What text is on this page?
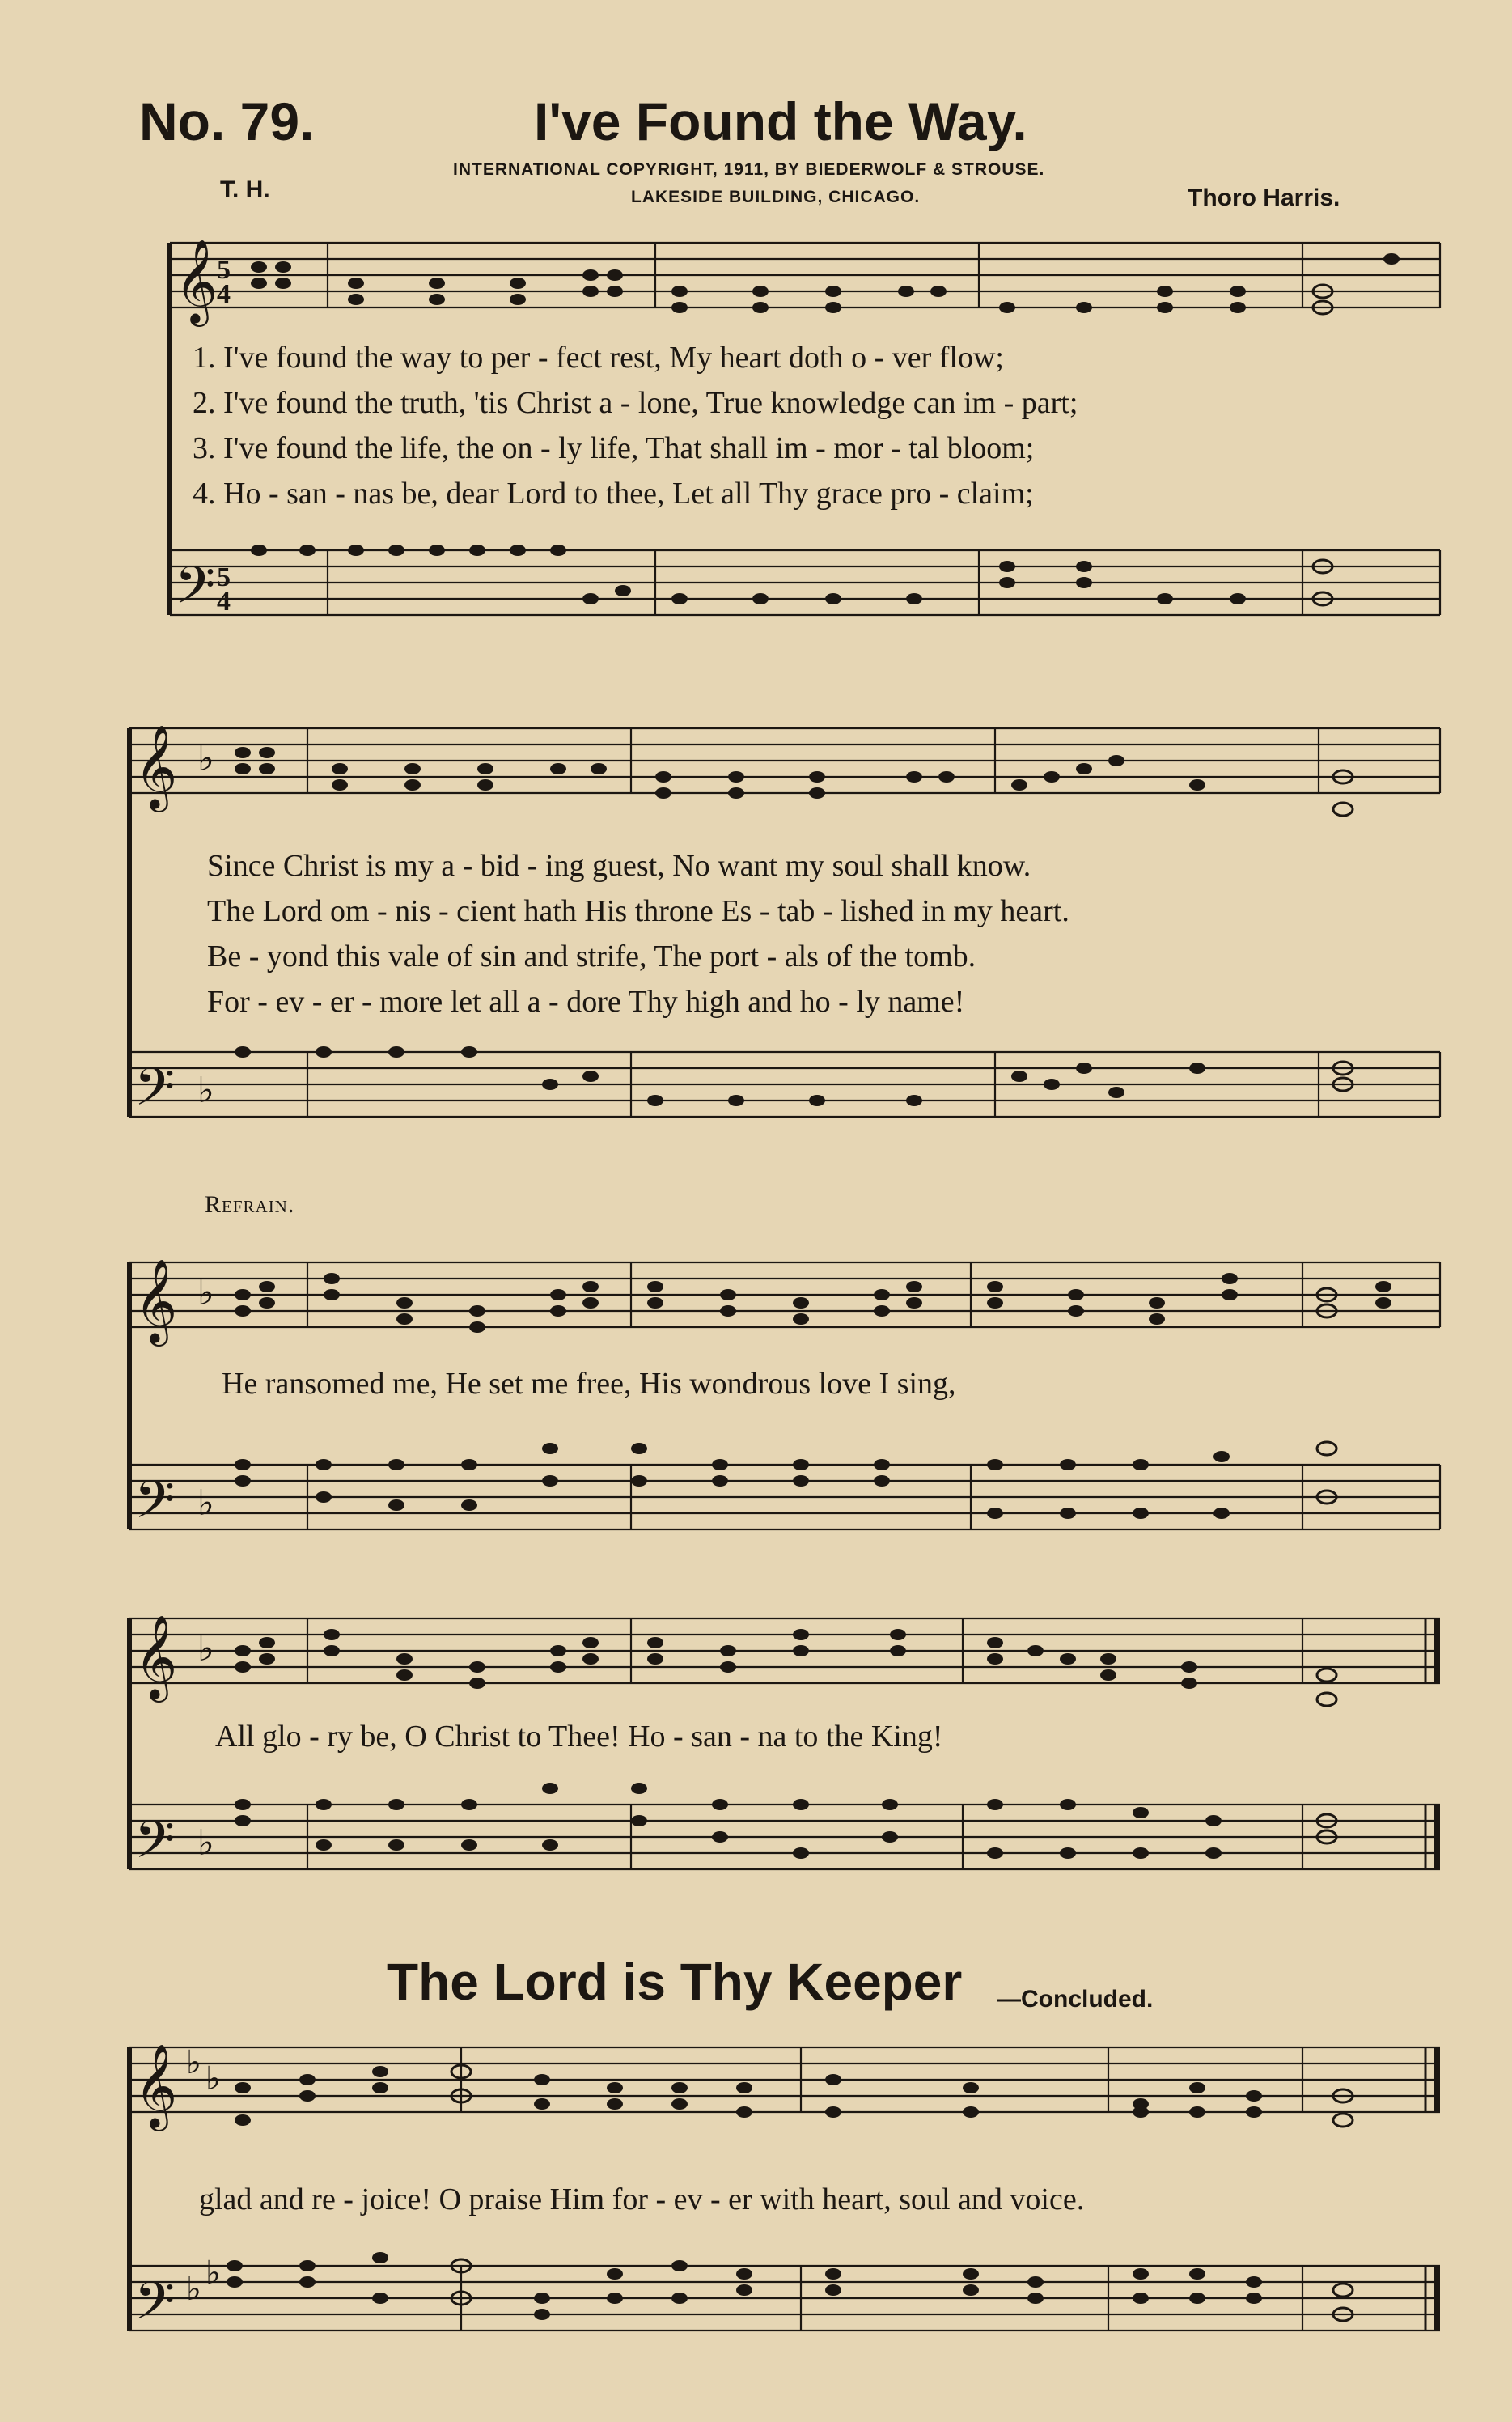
No. 79.	I've Found the Way.
INTERNATIONAL COPYRIGHT, 1911, BY BIEDERWOLF & STROUSE.
LAKESIDE BUILDING, CHICAGO.
T. H.	Thoro Harris.
𝄞
𝄢
5
4
5
4
1. I've found the way to per - fect rest, My heart doth o - ver flow;
2. I've found the truth, 'tis Christ a - lone, True knowledge can im - part;
3. I've found the life, the on - ly life, That shall im - mor - tal bloom;
4. Ho - san - nas be, dear Lord to thee, Let all Thy grace pro - claim;
𝄞
𝄢
♭
♭
Since Christ is my a - bid - ing guest, No want my soul shall know.
The Lord om - nis - cient hath His throne Es - tab - lished in my heart.
Be - yond this vale of sin and strife, The port - als of the tomb.
For - ev - er - more let all a - dore Thy high and ho - ly name!
Refrain.
𝄞
𝄢
♭
♭
He ransomed me, He set me free, His wondrous love I sing,
𝄞
𝄢
♭
♭
All glo - ry be, O Christ to Thee! Ho - san - na to the King!
The Lord is Thy Keeper —Concluded.
𝄞
𝄢
♭ ♭
♭ ♭
glad and re - joice! O praise Him for - ev - er with heart, soul and voice.
